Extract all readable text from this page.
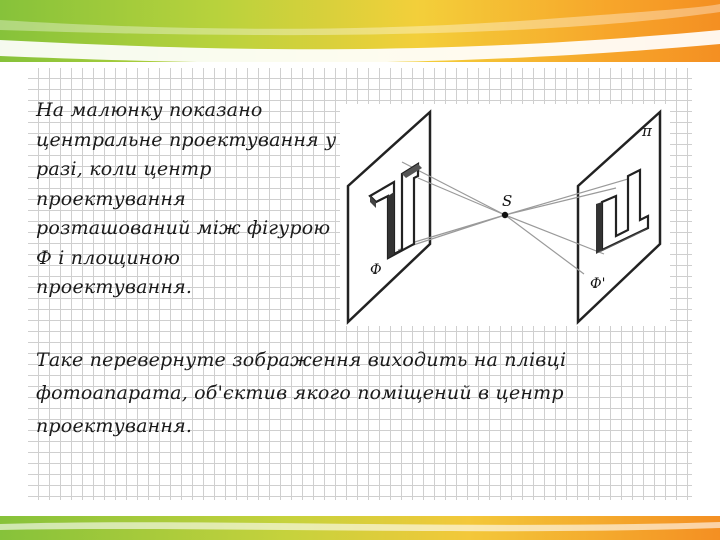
На малюнку показано
центральне проектування у
разі, коли центр
проектування
розташований між фігурою
Ф і площиною
проектування.
Таке перевернуте зображення виходить на плівці
фотоапарата, об'єктив якого поміщений в центр
проектування.
S
π
Ф
Ф'
